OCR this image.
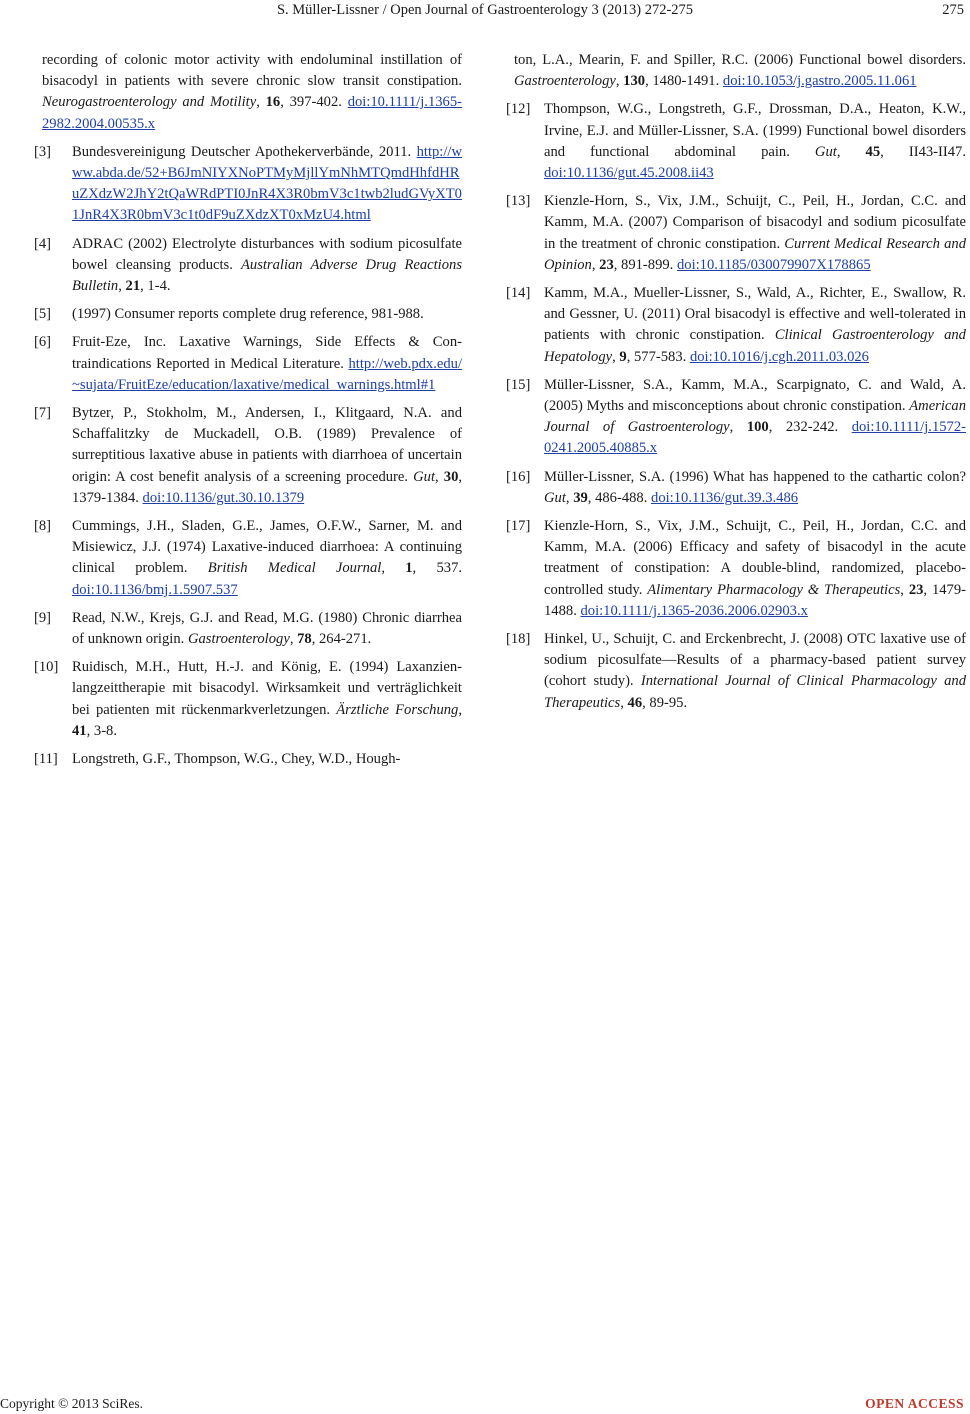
S. Müller-Lissner / Open Journal of Gastroenterology 3 (2013) 272-275	275
recording of colonic motor activity with endoluminal instillation of bisacodyl in patients with severe chronic slow transit constipation. Neurogastroenterology and Motility, 16, 397-402. doi:10.1111/j.1365-2982.2004.00535.x
[3] Bundesvereinigung Deutscher Apothekerverbände, 2011. http://www.abda.de/52+B6JmNIYXNoPTMyMjllYmNhMTQmdHhfdHRuZXdzW2JhY2tQaWRdPTI0JnR4X3R0bmV3c1twb2ludGVyXT01JnR4X3R0bmV3c1t0dF9uZXdzXT0xMzU4.html
[4] ADRAC (2002) Electrolyte disturbances with sodium picosulfate bowel cleansing products. Australian Adverse Drug Reactions Bulletin, 21, 1-4.
[5] (1997) Consumer reports complete drug reference, 981-988.
[6] Fruit-Eze, Inc. Laxative Warnings, Side Effects & Contraindications Reported in Medical Literature. http://web.pdx.edu/~sujata/FruitEze/education/laxative/medical_warnings.html#1
[7] Bytzer, P., Stokholm, M., Andersen, I., Klitgaard, N.A. and Schaffalitzky de Muckadell, O.B. (1989) Prevalence of surreptitious laxative abuse in patients with diarrhoea of uncertain origin: A cost benefit analysis of a screening procedure. Gut, 30, 1379-1384. doi:10.1136/gut.30.10.1379
[8] Cummings, J.H., Sladen, G.E., James, O.F.W., Sarner, M. and Misiewicz, J.J. (1974) Laxative-induced diarrhoea: A continuing clinical problem. British Medical Journal, 1, 537. doi:10.1136/bmj.1.5907.537
[9] Read, N.W., Krejs, G.J. and Read, M.G. (1980) Chronic diarrhea of unknown origin. Gastroenterology, 78, 264-271.
[10] Ruidisch, M.H., Hutt, H.-J. and König, E. (1994) Laxanzien-langzeittherapie mit bisacodyl. Wirksamkeit und verträglichkeit bei patienten mit rückenmarkverletzungen. Ärztliche Forschung, 41, 3-8.
[11] Longstreth, G.F., Thompson, W.G., Chey, W.D., Hough-
ton, L.A., Mearin, F. and Spiller, R.C. (2006) Functional bowel disorders. Gastroenterology, 130, 1480-1491. doi:10.1053/j.gastro.2005.11.061
[12] Thompson, W.G., Longstreth, G.F., Drossman, D.A., Heaton, K.W., Irvine, E.J. and Müller-Lissner, S.A. (1999) Functional bowel disorders and functional abdominal pain. Gut, 45, II43-II47. doi:10.1136/gut.45.2008.ii43
[13] Kienzle-Horn, S., Vix, J.M., Schuijt, C., Peil, H., Jordan, C.C. and Kamm, M.A. (2007) Comparison of bisacodyl and sodium picosulfate in the treatment of chronic constipation. Current Medical Research and Opinion, 23, 891-899. doi:10.1185/030079907X178865
[14] Kamm, M.A., Mueller-Lissner, S., Wald, A., Richter, E., Swallow, R. and Gessner, U. (2011) Oral bisacodyl is effective and well-tolerated in patients with chronic constipation. Clinical Gastroenterology and Hepatology, 9, 577-583. doi:10.1016/j.cgh.2011.03.026
[15] Müller-Lissner, S.A., Kamm, M.A., Scarpignato, C. and Wald, A. (2005) Myths and misconceptions about chronic constipation. American Journal of Gastroenterology, 100, 232-242. doi:10.1111/j.1572-0241.2005.40885.x
[16] Müller-Lissner, S.A. (1996) What has happened to the cathartic colon? Gut, 39, 486-488. doi:10.1136/gut.39.3.486
[17] Kienzle-Horn, S., Vix, J.M., Schuijt, C., Peil, H., Jordan, C.C. and Kamm, M.A. (2006) Efficacy and safety of bisacodyl in the acute treatment of constipation: A double-blind, randomized, placebo-controlled study. Alimentary Pharmacology & Therapeutics, 23, 1479-1488. doi:10.1111/j.1365-2036.2006.02903.x
[18] Hinkel, U., Schuijt, C. and Erckenbrecht, J. (2008) OTC laxative use of sodium picosulfate—Results of a pharmacy-based patient survey (cohort study). International Journal of Clinical Pharmacology and Therapeutics, 46, 89-95.
Copyright © 2013 SciRes.	OPEN ACCESS
